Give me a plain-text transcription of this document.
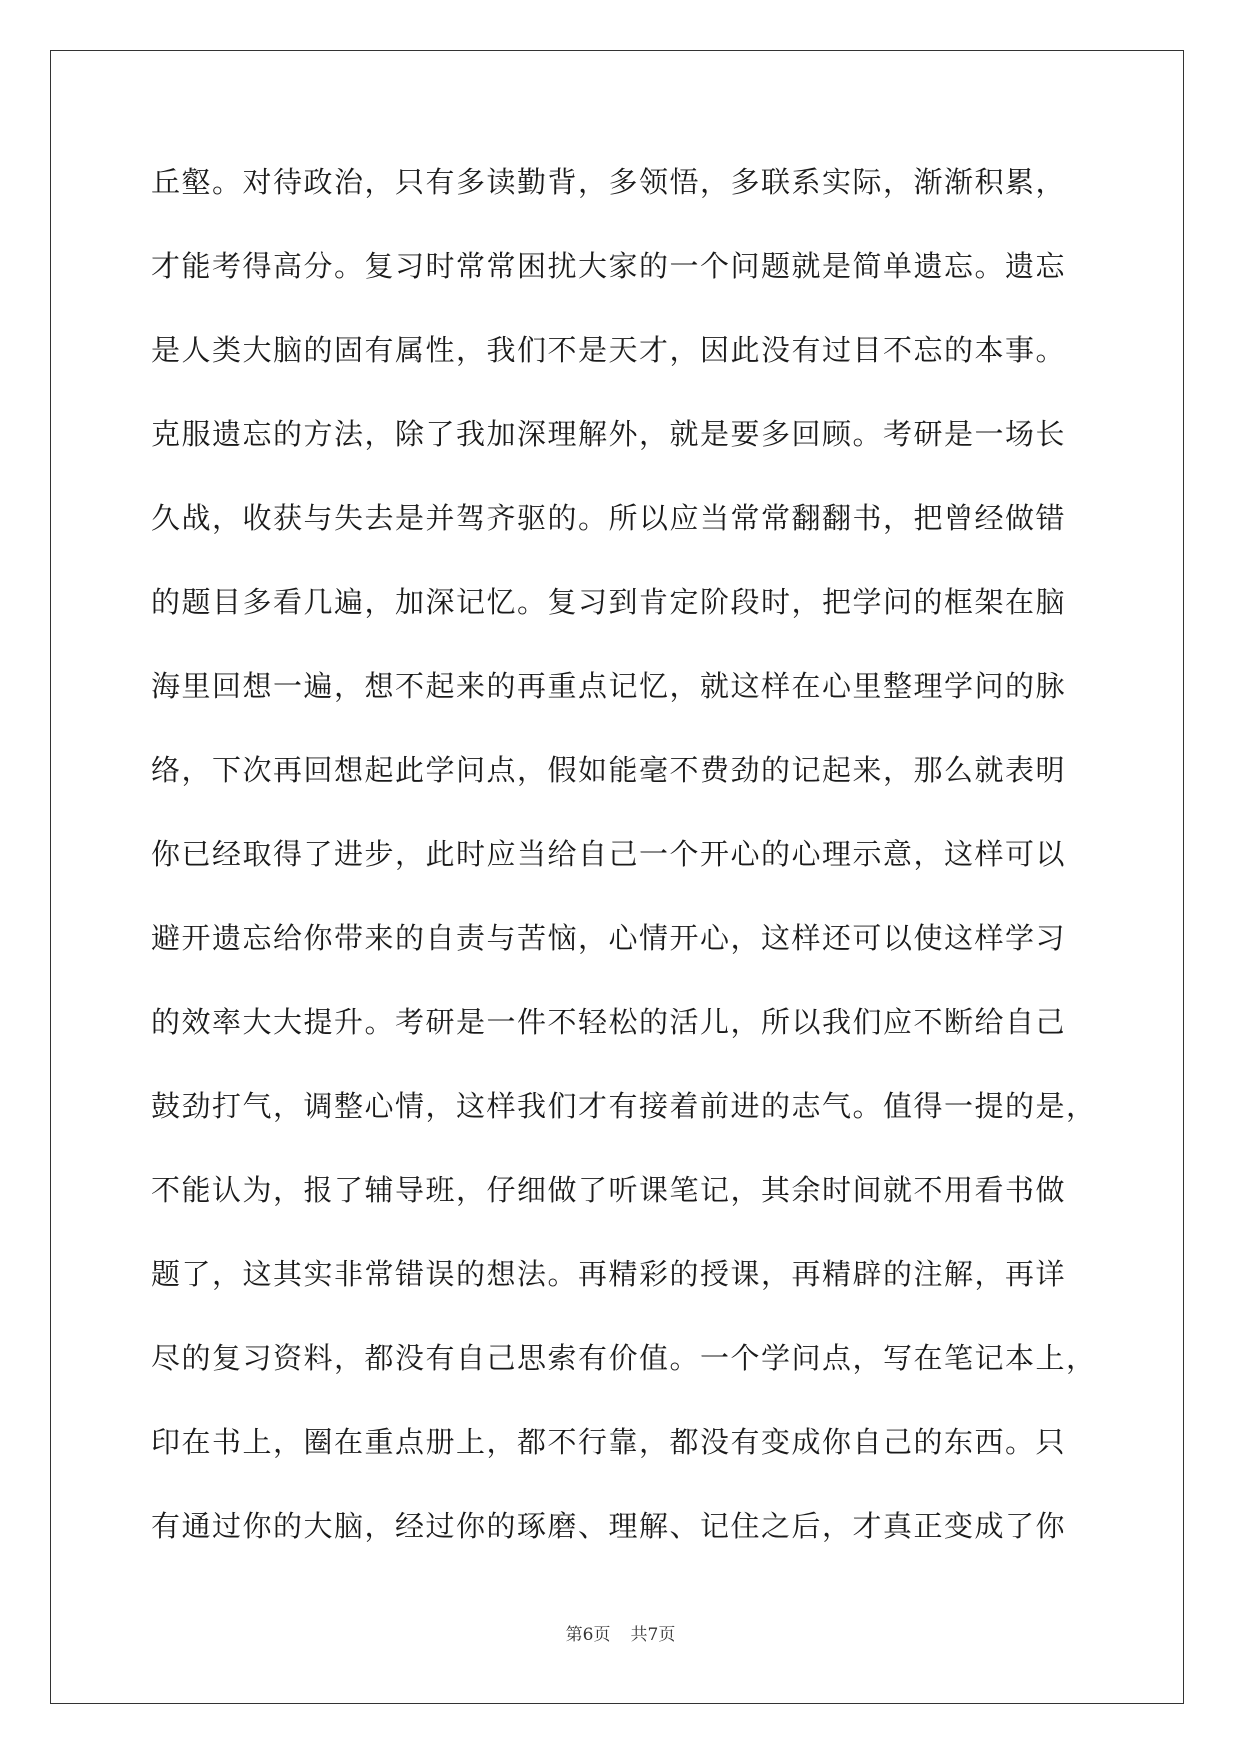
丘壑。对待政治，只有多读勤背，多领悟，多联系实际，渐渐积累，
才能考得高分。复习时常常困扰大家的一个问题就是简单遗忘。遗忘
是人类大脑的固有属性，我们不是天才，因此没有过目不忘的本事。
克服遗忘的方法，除了我加深理解外，就是要多回顾。考研是一场长
久战，收获与失去是并驾齐驱的。所以应当常常翻翻书，把曾经做错
的题目多看几遍，加深记忆。复习到肯定阶段时，把学问的框架在脑
海里回想一遍，想不起来的再重点记忆，就这样在心里整理学问的脉
络，下次再回想起此学问点，假如能毫不费劲的记起来，那么就表明
你已经取得了进步，此时应当给自己一个开心的心理示意，这样可以
避开遗忘给你带来的自责与苦恼，心情开心，这样还可以使这样学习
的效率大大提升。考研是一件不轻松的活儿，所以我们应不断给自己
鼓劲打气，调整心情，这样我们才有接着前进的志气。值得一提的是，
不能认为，报了辅导班，仔细做了听课笔记，其余时间就不用看书做
题了，这其实非常错误的想法。再精彩的授课，再精辟的注解，再详
尽的复习资料，都没有自己思索有价值。一个学问点，写在笔记本上，
印在书上，圈在重点册上，都不行靠，都没有变成你自己的东西。只
有通过你的大脑，经过你的琢磨、理解、记住之后，才真正变成了你
第6页 共7页
